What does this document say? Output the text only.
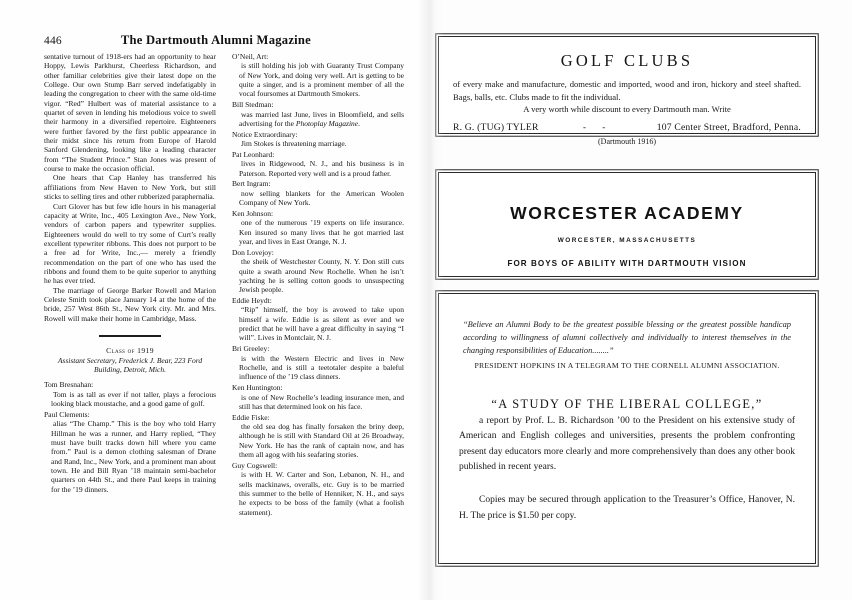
446	The Dartmouth Alumni Magazine

sentative turnout of 1918-ers had an opportunity to hear Hoppy, Lewis Parkhurst, Cheerless Richardson, and other familiar celebrities give their latest dope on the College. Our own Stump Barr served indefatigably in leading the congregation to cheer with the same old-time vigor. “Red” Hulbert was of material assistance to a quartet of seven in lending his melodious voice to swell their harmony in a diversified repertoire. Eighteeners were further favored by the first public appearance in their midst since his return from Europe of Harold Sanford Glendening, looking like a leading character from “The Student Prince.” Stan Jones was present of course to make the occasion official.

One hears that Cap Hanley has transferred his affiliations from New Haven to New York, but still sticks to selling tires and other rubberized paraphernalia.

Curt Glover has but few idle hours in his managerial capacity at Write, Inc., 405 Lexington Ave., New York, vendors of carbon papers and typewriter supplies. Eighteeners would do well to try some of Curt’s really excellent typewriter ribbons. This does not purport to be a free ad for Write, Inc.,— merely a friendly recommendation on the part of one who has used the ribbons and found them to be quite superior to anything he has ever tried.

The marriage of George Barker Rowell and Marion Celeste Smith took place January 14 at the home of the bride, 257 West 86th St., New York city. Mr. and Mrs. Rowell will make their home in Cambridge, Mass.

Class of 1919

Assistant Secretary, Frederick J. Bear, 223 Ford Building, Detroit, Mich.

Tom Bresnahan:

Tom is as tall as ever if not taller, plays a ferocious looking black moustache, and a good game of golf.

Paul Clements:

alias “The Champ.” This is the boy who told Harry Hillman he was a runner, and Harry replied, “They must have built tracks down hill where you came from.” Paul is a demon clothing salesman of Drane and Rand, Inc., New York, and a prominent man about town. He and Bill Ryan ’18 maintain semi-bachelor quarters on 44th St., and there Paul keeps in training for the ’19 dinners.

O’Neil, Art:

is still holding his job with Guaranty Trust Company of New York, and doing very well. Art is getting to be quite a singer, and is a prominent member of all the vocal foursomes at Dartmouth Smokers.

Bill Stedman:

was married last June, lives in Bloomfield, and sells advertising for the Photoplay Magazine.

Notice Extraordinary:

Jim Stokes is threatening marriage.

Pat Leonhard:

lives in Ridgewood, N. J., and his business is in Paterson. Reported very well and is a proud father.

Bert Ingram:

now selling blankets for the American Woolen Company of New York.

Ken Johnson:

one of the numerous ’19 experts on life insurance. Ken insured so many lives that he got married last year, and lives in East Orange, N. J.

Don Lovejoy:

the sheik of Westchester County, N. Y. Don still cuts quite a swath around New Rochelle. When he isn’t yachting he is selling cotton goods to unsuspecting Jewish people.

Eddie Heydt:

“Rip” himself, the boy is avowed to take upon himself a wife. Eddie is as silent as ever and we predict that he will have a great difficulty in saying “I will”. Lives in Montclair, N. J.

Bri Greeley:

is with the Western Electric and lives in New Rochelle, and is still a teetotaler despite a baleful influence of the ’19 class dinners.

Ken Huntington:

is one of New Rochelle’s leading insurance men, and still has that determined look on his face.

Eddie Fiske:

the old sea dog has finally forsaken the briny deep, although he is still with Standard Oil at 26 Broadway, New York. He has the rank of captain now, and has them all agog with his seafaring stories.

Guy Cogswell:

is with H. W. Carter and Son, Lebanon, N. H., and sells mackinaws, overalls, etc. Guy is to be married this summer to the belle of Henniker, N. H., and says he expects to be boss of the family (what a foolish statement).

GOLF CLUBS

of every make and manufacture, domestic and imported, wood and iron, hickory and steel shafted. Bags, balls, etc. Clubs made to fit the individual.

A very worth while discount to every Dartmouth man. Write

R. G. (TUG) TYLER	- -	107 Center Street, Bradford, Penna.
(Dartmouth 1916)
WORCESTER ACADEMY
WORCESTER, MASSACHUSETTS
FOR BOYS OF ABILITY WITH DARTMOUTH VISION

“Believe an Alumni Body to be the greatest possible blessing or the greatest possible handicap according to willingness of alumni collectively and individually to interest themselves in the changing responsibilities of Education........”

PRESIDENT HOPKINS IN A TELEGRAM TO THE CORNELL ALUMNI ASSOCIATION.

“A STUDY OF THE LIBERAL COLLEGE,”

a report by Prof. L. B. Richardson ’00 to the President on his extensive study of American and English colleges and universities, presents the problem confronting present day educators more clearly and more comprehensively than does any other book published in recent years.

Copies may be secured through application to the Treasurer’s Office, Hanover, N. H. The price is $1.50 per copy.
